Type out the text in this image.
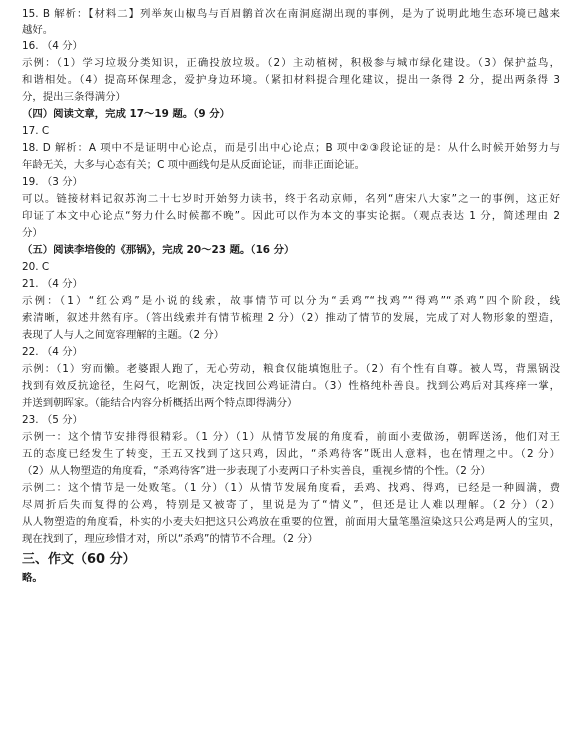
15. B 解析：【材料二】列举灰山椒鸟与百眉鹟首次在南洞庭湖出现的事例，是为了说明此地生态环境已越来
越好。
16. （4 分）
示例：（1）学习垃圾分类知识，正确投放垃圾。（2）主动植树，积极参与城市绿化建设。（3）保护益鸟，
和谐相处。（4）提高环保理念，爱护身边环境。（紧扣材料提合理化建议，提出一条得 2 分，提出两条得 3
分，提出三条得满分）
（四）阅读文章，完成 17～19 题。（9 分）
17. C
18. D 解析：A 项中不是证明中心论点，而是引出中心论点；B 项中②③段论证的是：从什么时候开始努力与
年龄无关，大多与心态有关；C 项中画线句是从反面论证，而非正面论证。
19. （3 分）
可以。链接材料记叙苏洵二十七岁时开始努力读书，终于名动京师，名列“唐宋八大家”之一的事例，这正好
印证了本文中心论点“努力什么时候都不晚”。因此可以作为本文的事实论据。（观点表达 1 分，简述理由 2
分）
（五）阅读李培俊的《那锅》，完成 20～23 题。（16 分）
20. C
21. （4 分）
示例：（1）“红公鸡”是小说的线索，故事情节可以分为“丢鸡”“找鸡”“得鸡”“杀鸡”四个阶段，线
索清晰，叙述井然有序。（答出线索并有情节梳理 2 分）（2）推动了情节的发展，完成了对人物形象的塑造，
表现了人与人之间宽容理解的主题。（2 分）
22. （4 分）
示例：（1）穷而懒。老婆跟人跑了，无心劳动，粮食仅能填饱肚子。（2）有个性有自尊。被人骂，背黑锅没
找到有效反抗途径，生闷气，吃割饭，决定找回公鸡证清白。（3）性格纯朴善良。找到公鸡后对其疼痒一掌，
并送到朝晖家。（能结合内容分析概括出两个特点即得满分）
23. （5 分）
示例一：这个情节安排得很精彩。（1 分）（1）从情节发展的角度看，前面小麦做汤，朝晖送汤，他们对王
五的态度已经发生了转变，王五又找到了这只鸡，因此，“杀鸡待客”既出人意料，也在情理之中。（2 分）
（2）从人物塑造的角度看，“杀鸡待客”进一步表现了小麦两口子朴实善良，重视乡情的个性。（2 分）
示例二：这个情节是一处败笔。（1 分）（1）从情节发展角度看，丢鸡、找鸡、得鸡，已经是一种圆满，费
尽周折后失而复得的公鸡，特别是又被寄了，里说是为了“情义”，但还是让人难以理解。（2 分）（2）
从人物塑造的角度看，朴实的小麦夫妇把这只公鸡放在重要的位置，前面用大量笔墨渲染这只公鸡是两人的宝贝，
现在找到了，理应珍惜才对，所以“杀鸡”的情节不合理。（2 分）
三、作文（60 分）
略。
